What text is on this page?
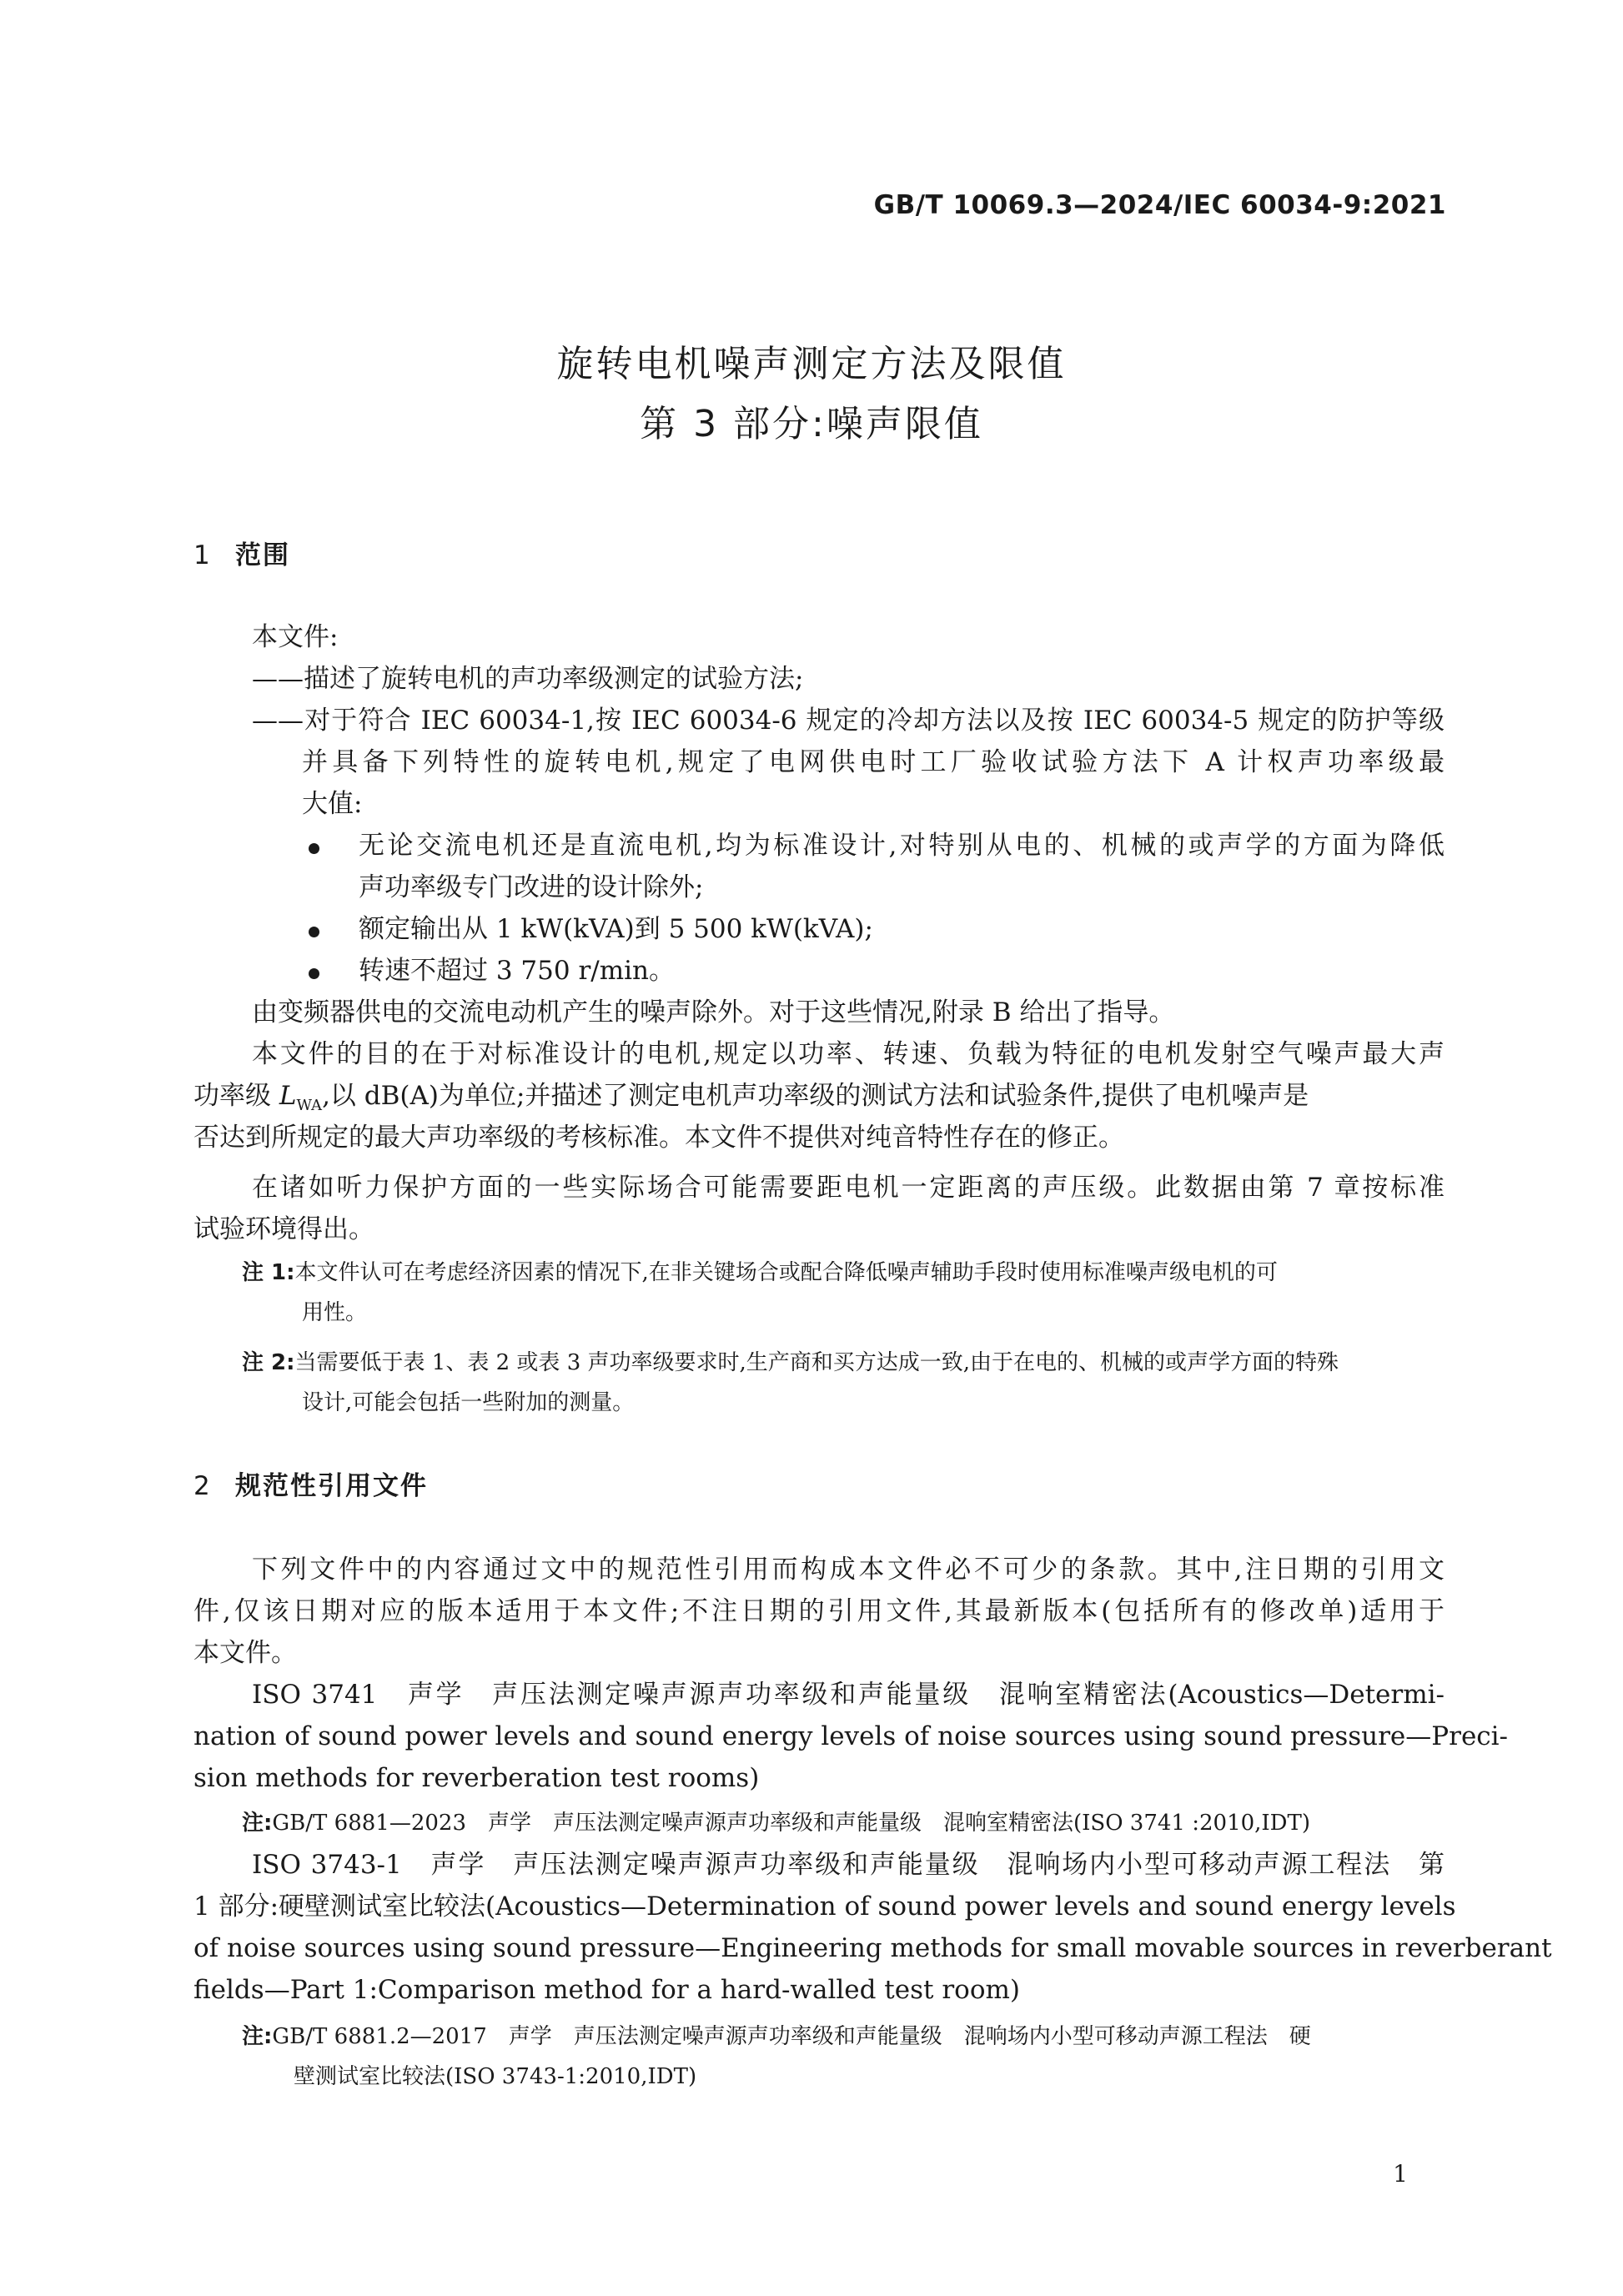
GB/T 10069.3—2024/IEC 60034-9:2021
旋转电机噪声测定方法及限值
第 3 部分:噪声限值
1 范围
本文件:
——描述了旋转电机的声功率级测定的试验方法;
——对于符合 IEC 60034-1,按 IEC 60034-6 规定的冷却方法以及按 IEC 60034-5 规定的防护等级
并具备下列特性的旋转电机,规定了电网供电时工厂验收试验方法下 A 计权声功率级最
大值:
无论交流电机还是直流电机,均为标准设计,对特别从电的、机械的或声学的方面为降低
声功率级专门改进的设计除外;
额定输出从 1 kW(kVA)到 5 500 kW(kVA);
转速不超过 3 750 r/min。
由变频器供电的交流电动机产生的噪声除外。对于这些情况,附录 B 给出了指导。
本文件的目的在于对标准设计的电机,规定以功率、转速、负载为特征的电机发射空气噪声最大声
功率级 $L_{WA}$,以 dB(A)为单位;并描述了测定电机声功率级的测试方法和试验条件,提供了电机噪声是
否达到所规定的最大声功率级的考核标准。本文件不提供对纯音特性存在的修正。
在诸如听力保护方面的一些实际场合可能需要距电机一定距离的声压级。此数据由第 7 章按标准
试验环境得出。
注 1:本文件认可在考虑经济因素的情况下,在非关键场合或配合降低噪声辅助手段时使用标准噪声级电机的可
用性。
注 2:当需要低于表 1、表 2 或表 3 声功率级要求时,生产商和买方达成一致,由于在电的、机械的或声学方面的特殊
设计,可能会包括一些附加的测量。
2 规范性引用文件
下列文件中的内容通过文中的规范性引用而构成本文件必不可少的条款。其中,注日期的引用文
件,仅该日期对应的版本适用于本文件;不注日期的引用文件,其最新版本(包括所有的修改单)适用于
本文件。
ISO 3741　声学　声压法测定噪声源声功率级和声能量级　混响室精密法(Acoustics—Determi-
nation of sound power levels and sound energy levels of noise sources using sound pressure—Preci-
sion methods for reverberation test rooms)
注:GB/T 6881—2023　声学　声压法测定噪声源声功率级和声能量级　混响室精密法(ISO 3741 :2010,IDT)
ISO 3743-1　声学　声压法测定噪声源声功率级和声能量级　混响场内小型可移动声源工程法　第
1 部分:硬壁测试室比较法(Acoustics—Determination of sound power levels and sound energy levels
of noise sources using sound pressure—Engineering methods for small movable sources in reverberant
fields—Part 1:Comparison method for a hard-walled test room)
注:GB/T 6881.2—2017　声学　声压法测定噪声源声功率级和声能量级　混响场内小型可移动声源工程法　硬
壁测试室比较法(ISO 3743-1:2010,IDT)
1
